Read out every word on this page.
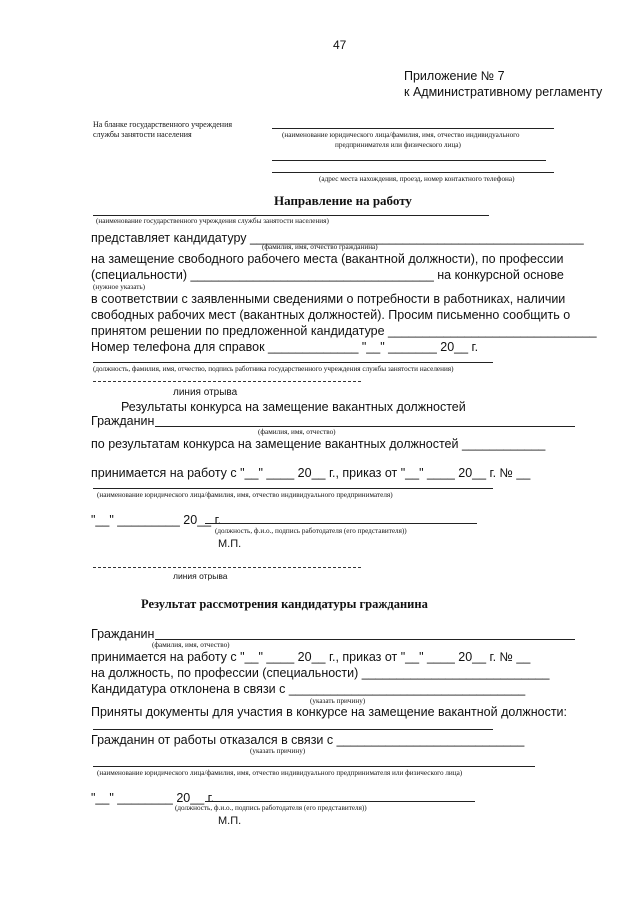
47
Приложение № 7
к Административному регламенту
На бланке государственного учреждения
службы занятости населения	(наименование юридического лица/фамилия, имя, отчество индивидуального
предпринимателя или физического лица)
(адрес места нахождения, проезд, номер контактного телефона)
Направление на работу
(наименование государственного учреждения службы занятости населения)
представляет кандидатуру ________________________________________________
(фамилия, имя, отчество гражданина)
на замещение свободного рабочего места (вакантной должности), по профессии
(специальности) ___________________________________ на конкурсной основе
(нужное указать)
в соответствии с заявленными сведениями о потребности в работниках, наличии
свободных рабочих мест (вакантных должностей). Просим письменно сообщить о
принятом решении по предложенной кандидатуре ______________________________
Номер телефона для справок _____________ "__" _______ 20__ г.
(должность, фамилия, имя, отчество, подпись работника государственного учреждения службы занятости населения)
линия отрыва
Результаты конкурса на замещение вакантных должностей
Гражданин
(фамилия, имя, отчество)
по результатам конкурса на замещение вакантных должностей ____________
принимается на работу с "__" ____ 20__ г., приказ от "__" ____ 20__ г. № __
(наименование юридического лица/фамилия, имя, отчество индивидуального предпринимателя)
"__" _________ 20__ г.
(должность, ф.и.о., подпись работодателя (его представителя))
М.П.
линия отрыва
Результат рассмотрения кандидатуры гражданина
Гражданин
(фамилия, имя, отчество)
принимается на работу с "__" ____ 20__ г., приказ от "__" ____ 20__ г. № __
на должность, по профессии (специальности) ___________________________
Кандидатура отклонена в связи с __________________________________
(указать причину)
Приняты документы для участия в конкурсе на замещение вакантной должности:
Гражданин от работы отказался в связи с ___________________________
(указать причину)
(наименование юридического лица/фамилия, имя, отчество индивидуального предпринимателя или физического лица)
"__" ________ 20__ г.
(должность, ф.и.о., подпись работодателя (его представителя))
М.П.
